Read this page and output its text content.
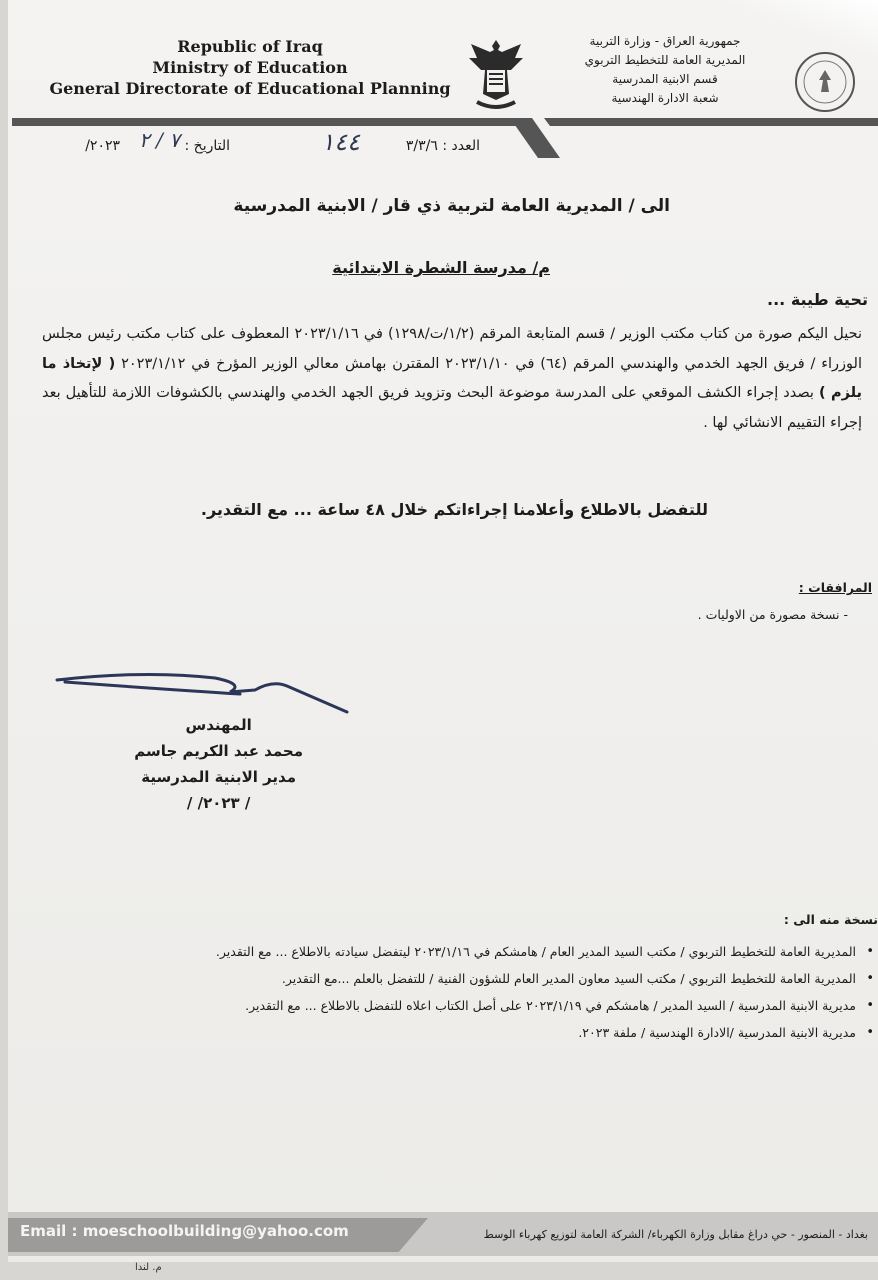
Republic of Iraq
Ministry of Education
General Directorate of Educational Planning
جمهورية العراق - وزارة التربية
المديرية العامة للتخطيط التربوي
قسم الابنية المدرسية
شعبة الادارة الهندسية
العدد : ٣/٣/٦
١٤٤
التاريخ :
٧ / ٢
٢٠٢٣/
الى / المديرية العامة لتربية ذي قار / الابنية المدرسية
م/ مدرسة الشطرة الابتدائية
تحية طيبة ...
نحيل اليكم صورة من كتاب مكتب الوزير / قسم المتابعة المرقم (١/٢/ت/١٢٩٨) في ٢٠٢٣/١/١٦ المعطوف على كتاب مكتب رئيس مجلس الوزراء / فريق الجهد الخدمي والهندسي المرقم (٦٤) في ٢٠٢٣/١/١٠ المقترن بهامش معالي الوزير المؤرخ في ٢٠٢٣/١/١٢ ( لإتخاذ ما يلزم ) بصدد إجراء الكشف الموقعي على المدرسة موضوعة البحث وتزويد فريق الجهد الخدمي والهندسي بالكشوفات اللازمة للتأهيل بعد إجراء التقييم الانشائي لها .
للتفضل بالاطلاع وأعلامنا إجراءاتكم خلال ٤٨ ساعة ... مع التقدير.
المرافقات :
- نسخة مصورة من الاوليات .
المهندس
محمد عبد الكريم جاسم
مدير الابنية المدرسية
/ ٢٠٢٣/ /
نسخة منه الى :
• المديرية العامة للتخطيط التربوي / مكتب السيد المدير العام / هامشكم في ٢٠٢٣/١/١٦ ليتفضل سيادته بالاطلاع ... مع التقدير.
• المديرية العامة للتخطيط التربوي / مكتب السيد معاون المدير العام للشؤون الفنية / للتفضل بالعلم ...مع التقدير.
• مديرية الابنية المدرسية / السيد المدير / هامشكم في ٢٠٢٣/١/١٩ على أصل الكتاب اعلاه للتفضل بالاطلاع ... مع التقدير.
• مديرية الابنية المدرسية /الادارة الهندسية / ملفة ٢٠٢٣.
Email : moeschoolbuilding@yahoo.com	بغداد - المنصور - حي دراغ مقابل وزارة الكهرباء/ الشركة العامة لتوزيع كهرباء الوسط
م. لندا
